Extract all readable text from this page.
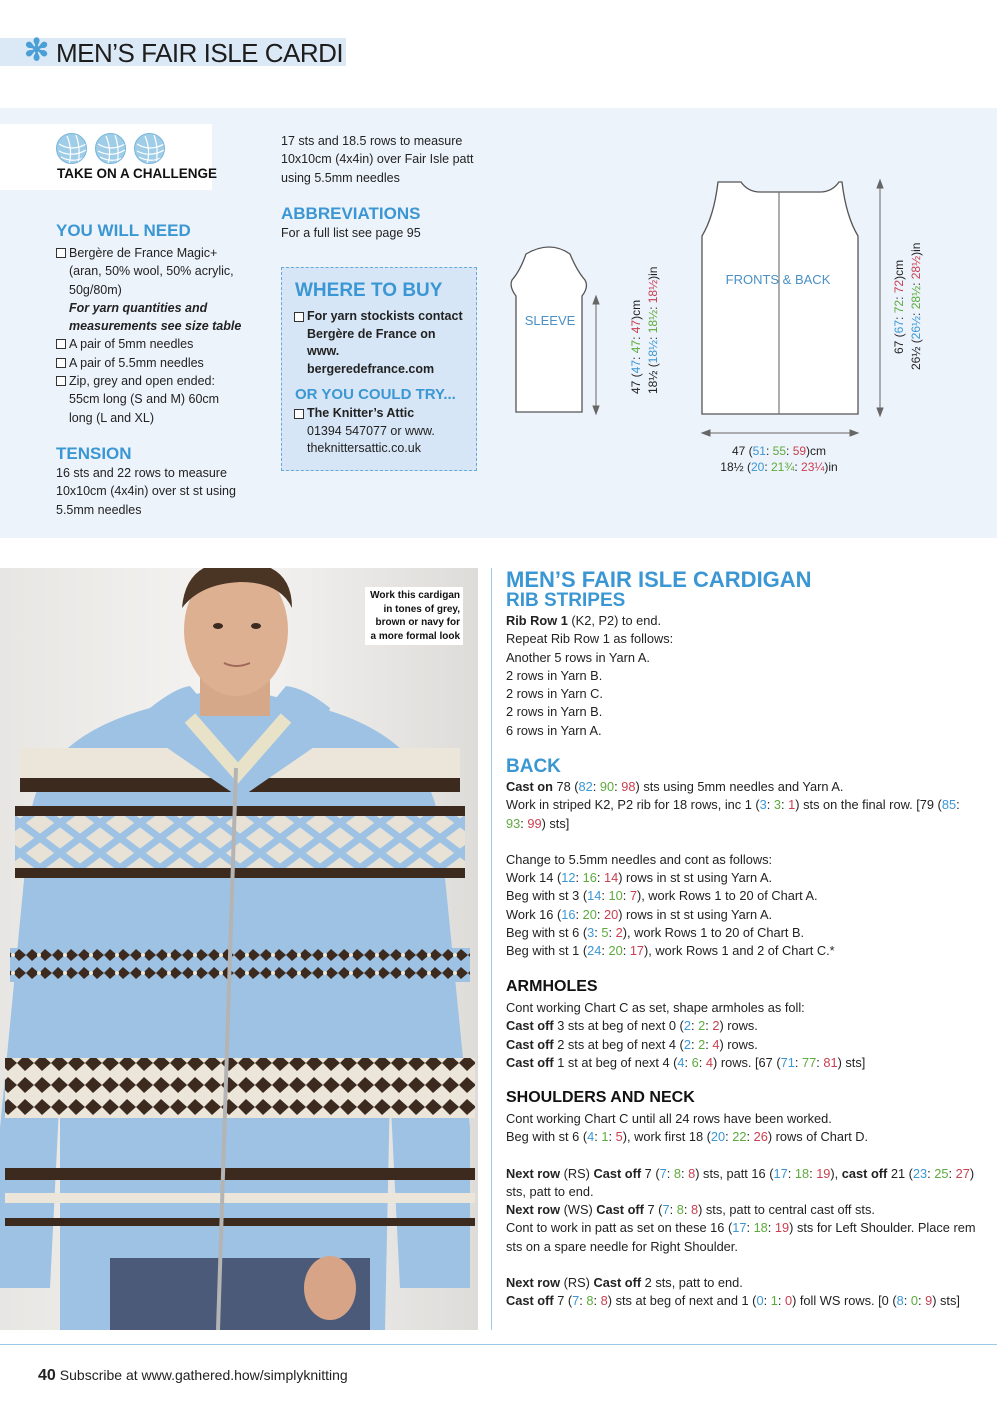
✻ MEN’S FAIR ISLE CARDI
TAKE ON A CHALLENGE
YOU WILL NEED
Bergère de France Magic+ (aran, 50% wool, 50% acrylic, 50g/80m)
For yarn quantities and measurements see size table
A pair of 5mm needles
A pair of 5.5mm needles
Zip, grey and open ended: 55cm long (S and M) 60cm long (L and XL)
TENSION
16 sts and 22 rows to measure 10x10cm (4x4in) over st st using 5.5mm needles
17 sts and 18.5 rows to measure 10x10cm (4x4in) over Fair Isle patt using 5.5mm needles
ABBREVIATIONS
For a full list see page 95
WHERE TO BUY
For yarn stockists contact Bergère de France on www. bergeredefrance.com
OR YOU COULD TRY...
The Knitter’s Attic
01394 547077 or www. theknittersattic.co.uk
SLEEVE
FRONTS & BACK
47 (47: 47: 47)cm
18½ (18½: 18½: 18½)in
67 (67: 72: 72)cm
26½ (26½: 28½: 28½)in
47 (51: 55: 59)cm
18½ (20: 21¾: 23¼)in
Work this cardigan in tones of grey, brown or navy for a more formal look
MEN’S FAIR ISLE CARDIGAN
RIB STRIPES
Rib Row 1 (K2, P2) to end.
Repeat Rib Row 1 as follows:
Another 5 rows in Yarn A.
2 rows in Yarn B.
2 rows in Yarn C.
2 rows in Yarn B.
6 rows in Yarn A.
BACK
Cast on 78 (82: 90: 98) sts using 5mm needles and Yarn A.
Work in striped K2, P2 rib for 18 rows, inc 1 (3: 3: 1) sts on the final row. [79 (85: 93: 99) sts]
Change to 5.5mm needles and cont as follows:
Work 14 (12: 16: 14) rows in st st using Yarn A.
Beg with st 3 (14: 10: 7), work Rows 1 to 20 of Chart A.
Work 16 (16: 20: 20) rows in st st using Yarn A.
Beg with st 6 (3: 5: 2), work Rows 1 to 20 of Chart B.
Beg with st 1 (24: 20: 17), work Rows 1 and 2 of Chart C.*
ARMHOLES
Cont working Chart C as set, shape armholes as foll:
Cast off 3 sts at beg of next 0 (2: 2: 2) rows.
Cast off 2 sts at beg of next 4 (2: 2: 4) rows.
Cast off 1 st at beg of next 4 (4: 6: 4) rows. [67 (71: 77: 81) sts]
SHOULDERS AND NECK
Cont working Chart C until all 24 rows have been worked.
Beg with st 6 (4: 1: 5), work first 18 (20: 22: 26) rows of Chart D.
Next row (RS) Cast off 7 (7: 8: 8) sts, patt 16 (17: 18: 19), cast off 21 (23: 25: 27) sts, patt to end.
Next row (WS) Cast off 7 (7: 8: 8) sts, patt to central cast off sts.
Cont to work in patt as set on these 16 (17: 18: 19) sts for Left Shoulder. Place rem sts on a spare needle for Right Shoulder.
Next row (RS) Cast off 2 sts, patt to end.
Cast off 7 (7: 8: 8) sts at beg of next and 1 (0: 1: 0) foll WS rows. [0 (8: 0: 9) sts]
40 Subscribe at www.gathered.how/simplyknitting
